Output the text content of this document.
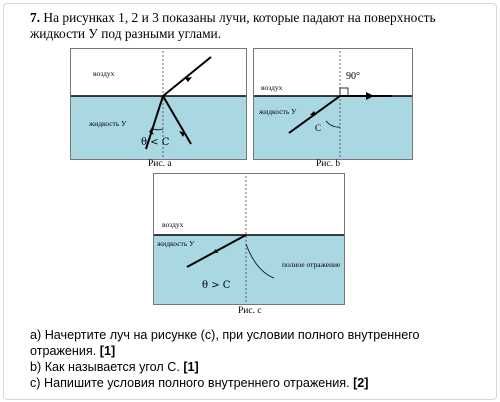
7. На рисунках 1, 2 и 3 показаны лучи, которые падают на поверхность
жидкости У под разными углами.
воздух
жидкость У
θ < C
Рис. а
воздух
жидкость У
90°
C
Рис. b
воздух
жидкость У
полное отражение
θ > C
Рис. с
a) Начертите луч на рисунке (с), при условии полного внутреннего
отражения. [1]
b) Как называется угол С. [1]
c) Напишите условия полного внутреннего отражения. [2]
